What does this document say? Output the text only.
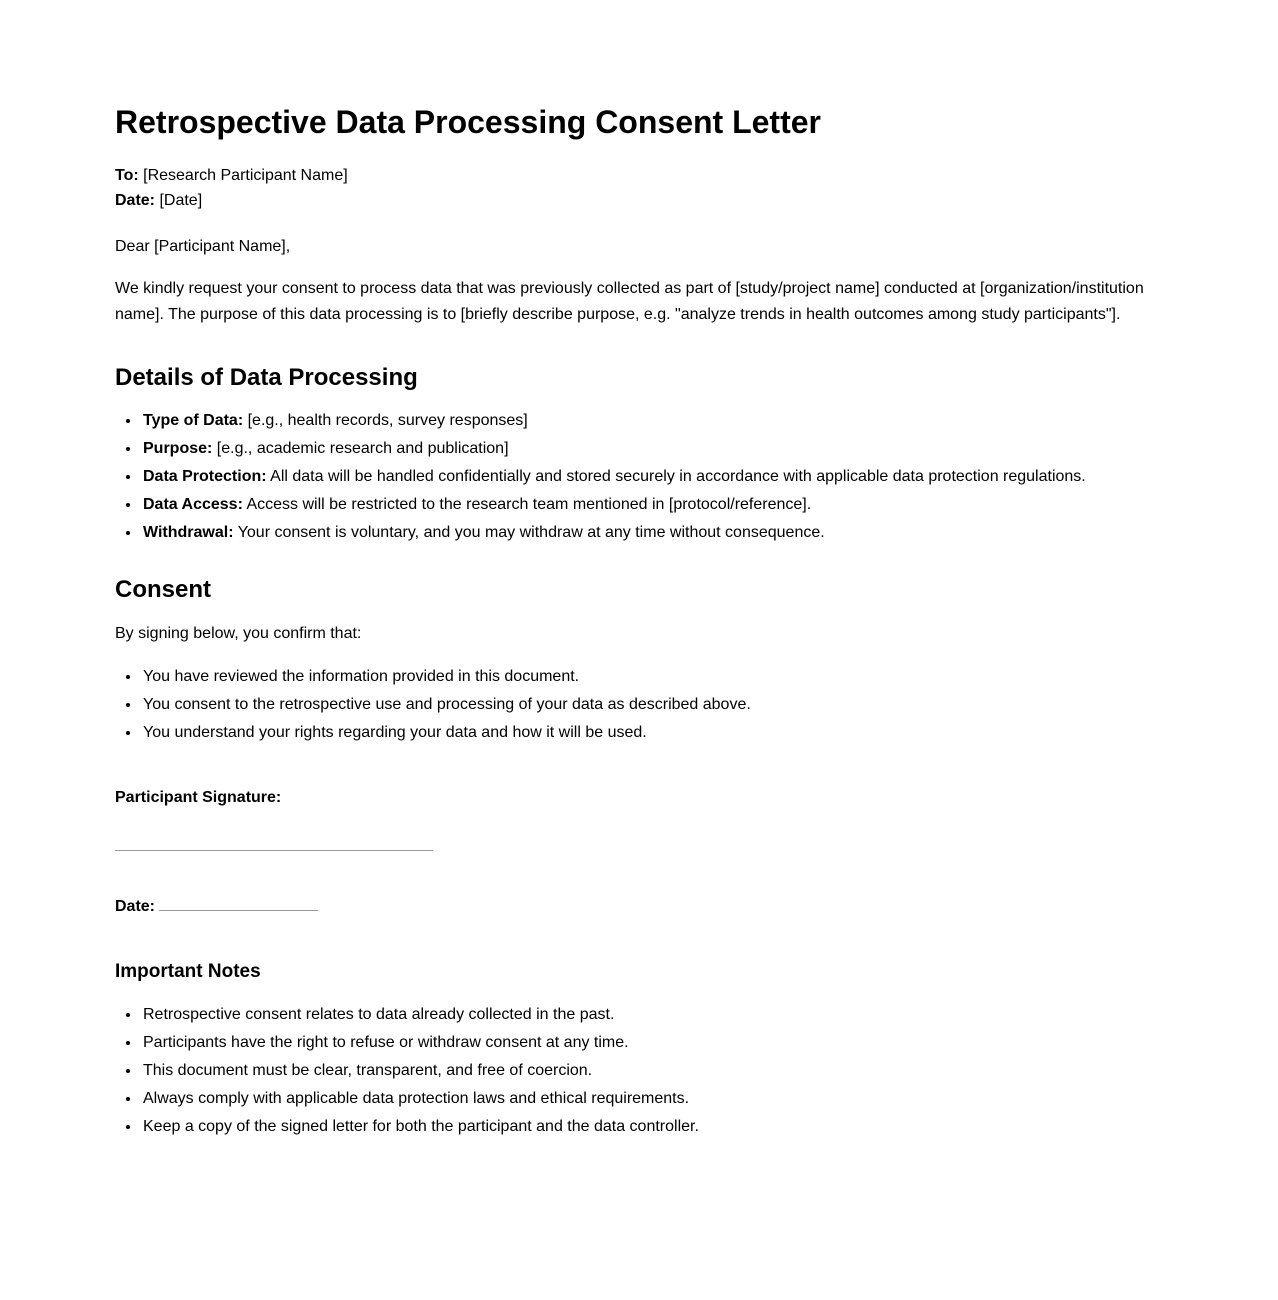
Retrospective Data Processing Consent Letter
To: [Research Participant Name]
Date: [Date]

Dear [Participant Name],

We kindly request your consent to process data that was previously collected as part of [study/project name] conducted at [organization/institution name]. The purpose of this data processing is to [briefly describe purpose, e.g. "analyze trends in health outcomes among study participants"].

Details of Data Processing
• Type of Data: [e.g., health records, survey responses]
• Purpose: [e.g., academic research and publication]
• Data Protection: All data will be handled confidentially and stored securely in accordance with applicable data protection regulations.
• Data Access: Access will be restricted to the research team mentioned in [protocol/reference].
• Withdrawal: Your consent is voluntary, and you may withdraw at any time without consequence.
Consent

By signing below, you confirm that:

• You have reviewed the information provided in this document.
• You consent to the retrospective use and processing of your data as described above.
• You understand your rights regarding your data and how it will be used.

Participant Signature:

Date:

Important Notes
• Retrospective consent relates to data already collected in the past.
• Participants have the right to refuse or withdraw consent at any time.
• This document must be clear, transparent, and free of coercion.
• Always comply with applicable data protection laws and ethical requirements.
• Keep a copy of the signed letter for both the participant and the data controller.
